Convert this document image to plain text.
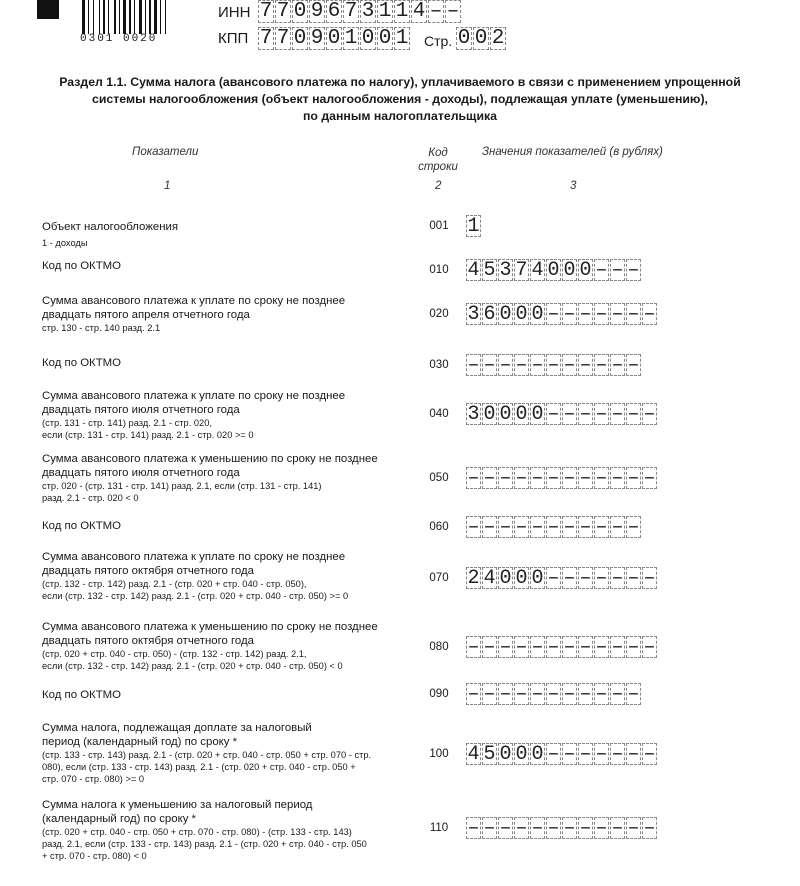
0301 0020
ИНН 7 7 0 9 6 7 3 1 1 4 – –
КПП 7 7 0 9 0 1 0 0 1 Стр. 0 0 2
Раздел 1.1. Сумма налога (авансового платежа по налогу), уплачиваемого в связи с применением упрощенной
системы налогообложения (объект налогообложения - доходы), подлежащая уплате (уменьшению),
по данным налогоплательщика
Показатели	Код
строки
Значения показателей (в рублях)
1	2	3
Объект налогообложения
1 - доходы
001 1
Код по ОКТМО	010 4 5 3 7 4 0 0 0 – – –
Сумма авансового платежа к уплате по сроку не позднее
двадцать пятого апреля отчетного года
стр. 130 - стр. 140 разд. 2.1
020 3 6 0 0 0 – – – – – – –
Код по ОКТМО	030 – – – – – – – – – – –
Сумма авансового платежа к уплате по сроку не позднее
двадцать пятого июля отчетного года
(стр. 131 - стр. 141) разд. 2.1 - стр. 020,
если (стр. 131 - стр. 141) разд. 2.1 - стр. 020 >= 0
040 3 0 0 0 0 – – – – – – –
Сумма авансового платежа к уменьшению по сроку не позднее
двадцать пятого июля отчетного года
стр. 020 - (стр. 131 - стр. 141) разд. 2.1, если (стр. 131 - стр. 141)
разд. 2.1 - стр. 020 < 0
050 – – – – – – – – – – – –
Код по ОКТМО	060 – – – – – – – – – – –
Сумма авансового платежа к уплате по сроку не позднее
двадцать пятого октября отчетного года
(стр. 132 - стр. 142) разд. 2.1 - (стр. 020 + стр. 040 - стр. 050),
если (стр. 132 - стр. 142) разд. 2.1 - (стр. 020 + стр. 040 - стр. 050) >= 0
070 2 4 0 0 0 – – – – – – –
Сумма авансового платежа к уменьшению по сроку не позднее
двадцать пятого октября отчетного года
(стр. 020 + стр. 040 - стр. 050) - (стр. 132 - стр. 142) разд. 2.1,
если (стр. 132 - стр. 142) разд. 2.1 - (стр. 020 + стр. 040 - стр. 050) < 0
080 – – – – – – – – – – – –
Код по ОКТМО	090 – – – – – – – – – – –
Сумма налога, подлежащая доплате за налоговый
период (календарный год) по сроку *
(стр. 133 - стр. 143) разд. 2.1 - (стр. 020 + стр. 040 - стр. 050 + стр. 070 - стр.
080), если (стр. 133 - стр. 143) разд. 2.1 - (стр. 020 + стр. 040 - стр. 050 +
стр. 070 - стр. 080) >= 0
100 4 5 0 0 0 – – – – – – –
Сумма налога к уменьшению за налоговый период
(календарный год) по сроку *
(стр. 020 + стр. 040 - стр. 050 + стр. 070 - стр. 080) - (стр. 133 - стр. 143)
разд. 2.1, если (стр. 133 - стр. 143) разд. 2.1 - (стр. 020 + стр. 040 - стр. 050
+ стр. 070 - стр. 080) < 0
110 – – – – – – – – – – – –
